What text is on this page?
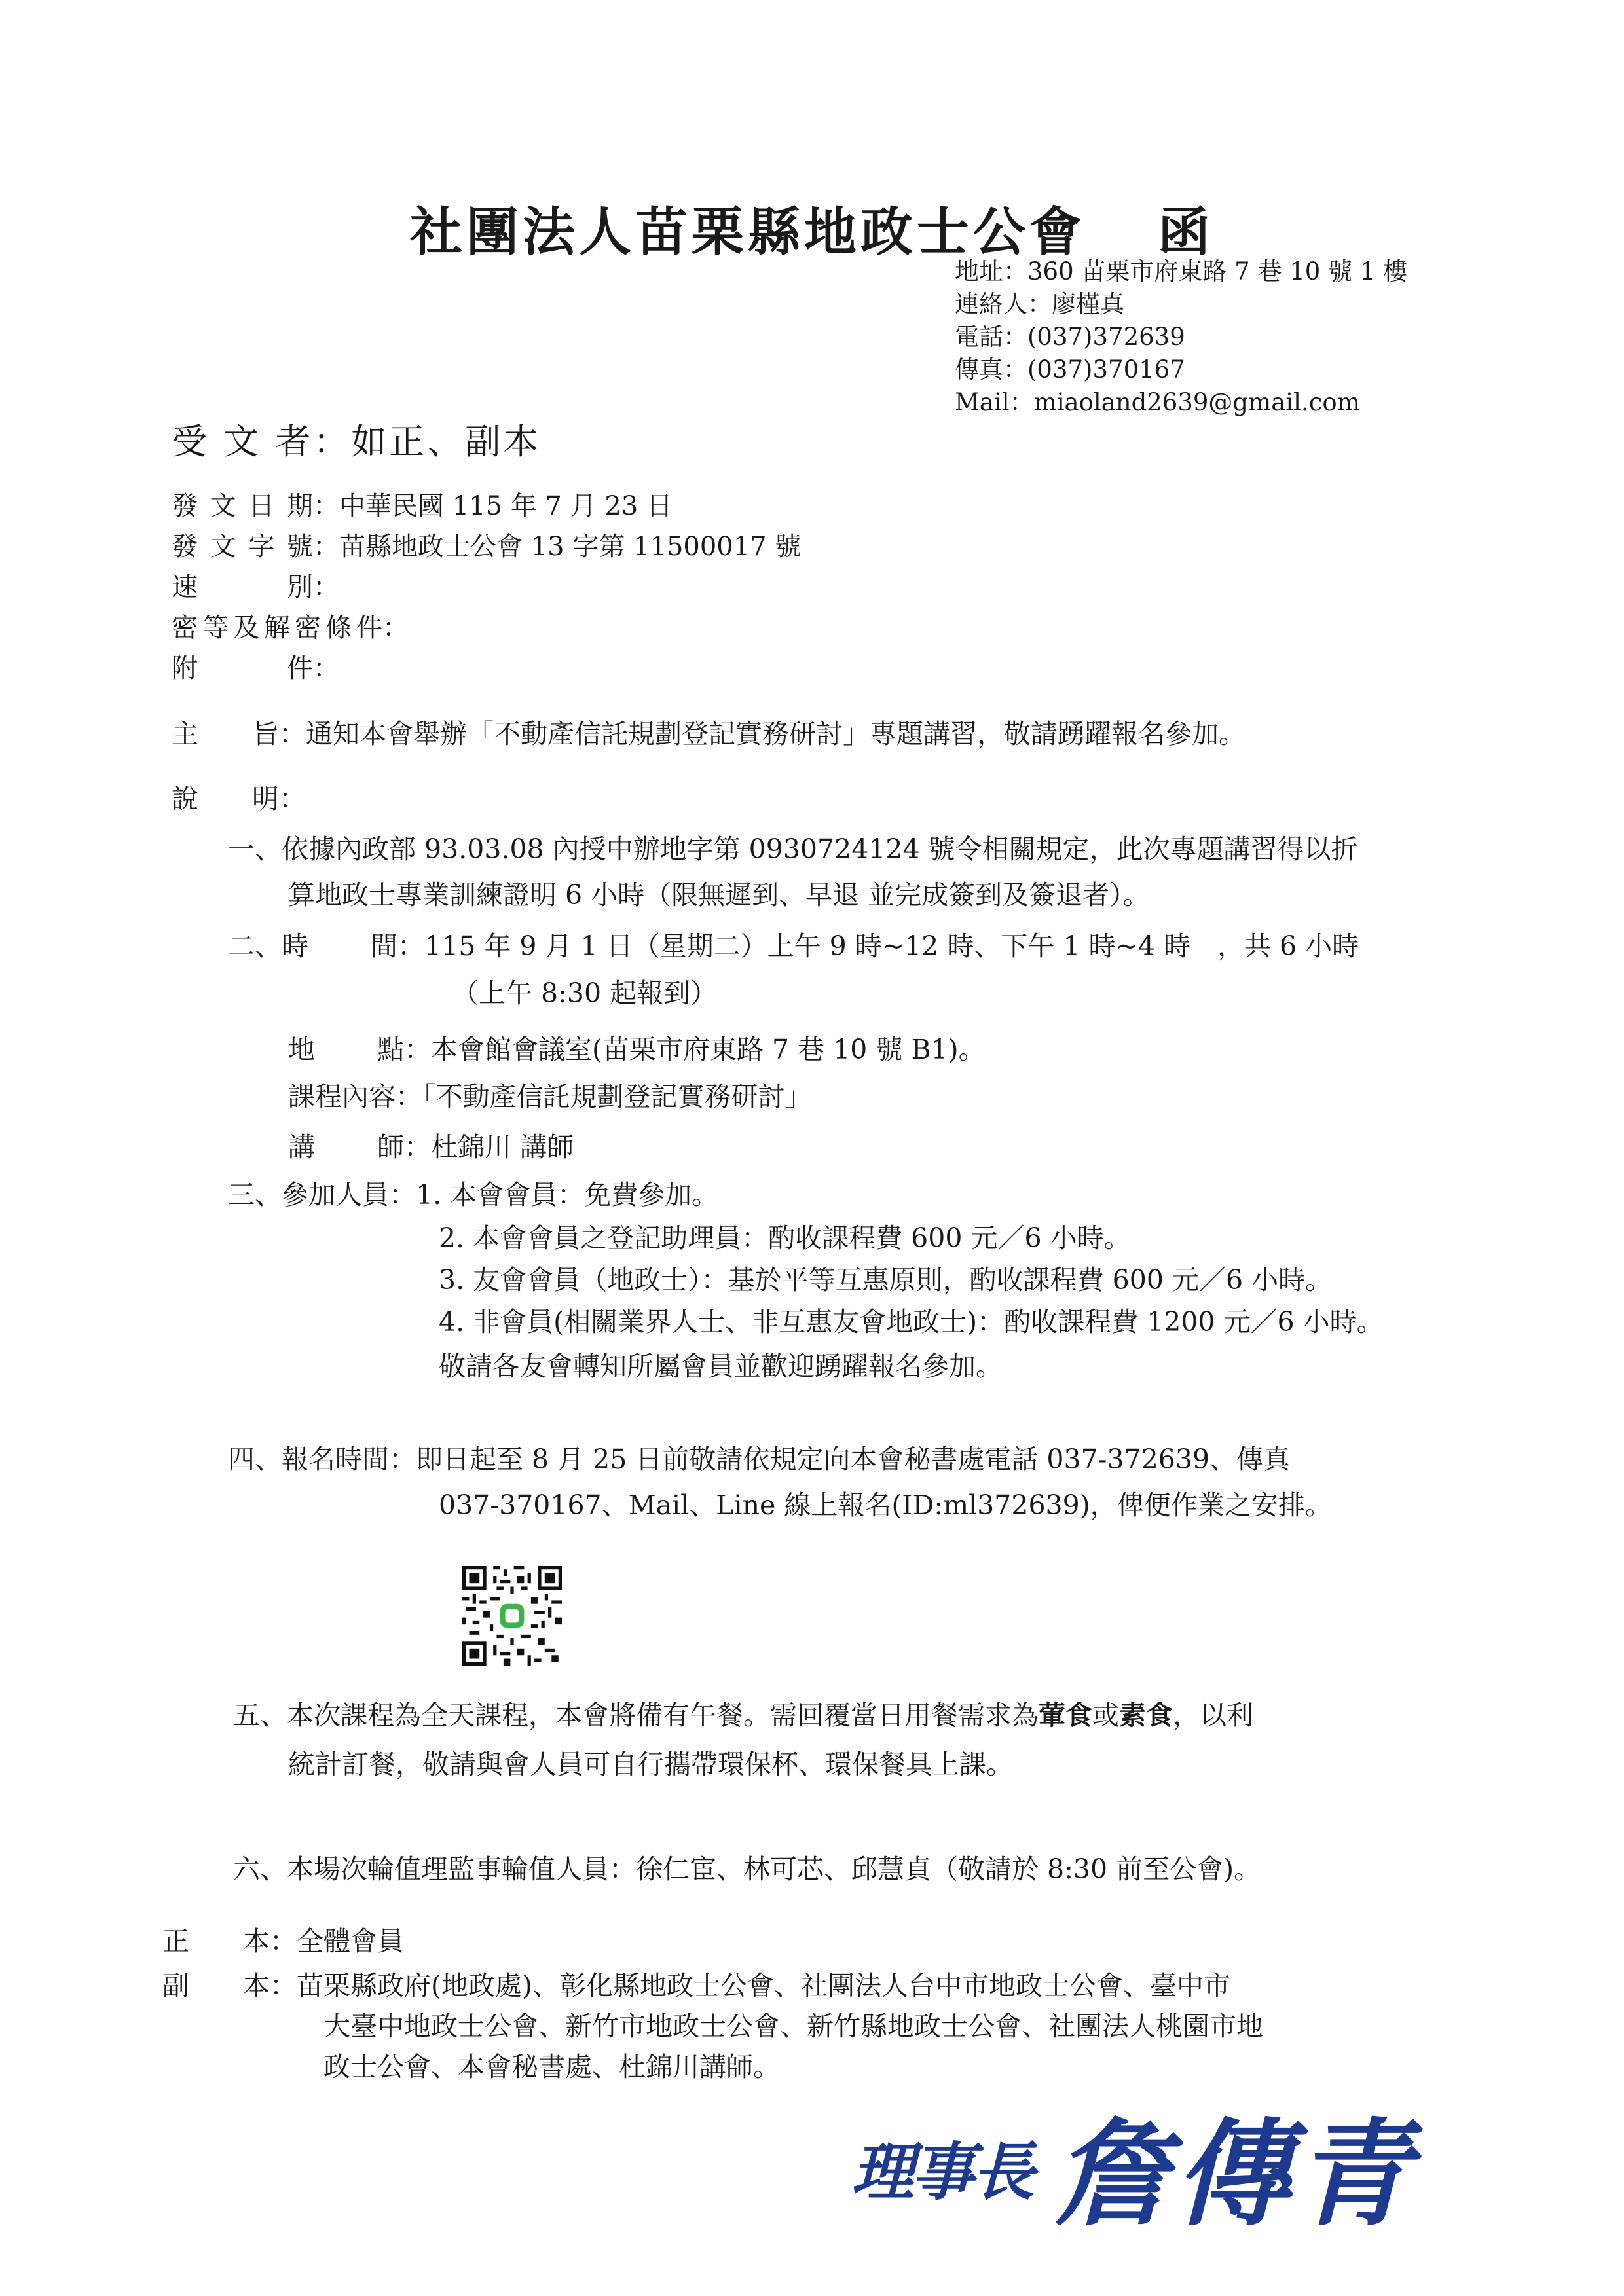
社團法人苗栗縣地政士公會 函
地址：360 苗栗市府東路 7 巷 10 號 1 樓
連絡人：廖槿真
電話：(037)372639
傳真：(037)370167
Mail：miaoland2639@gmail.com
受 文 者：如正、副本
發文日期 ：中華民國 115 年 7 月 23 日
發文字號 ：苗縣地政士公會 13 字第 11500017 號
速別 ：
密等及解密條件 ：
附件 ：
主　　旨：通知本會舉辦「不動產信託規劃登記實務研討」專題講習，敬請踴躍報名參加。
說　　明：
一、依據內政部 93.03.08 內授中辦地字第 0930724124 號令相關規定，此次專題講習得以折
算地政士專業訓練證明 6 小時（限無遲到、早退 並完成簽到及簽退者）。
二、時　　 間：115 年 9 月 1 日（星期二）上午 9 時~12 時、下午 1 時~4 時　，共 6 小時
（上午 8:30 起報到）
地　　 點：本會館會議室(苗栗市府東路 7 巷 10 號 B1)。
課程內容：「不動產信託規劃登記實務研討」
講　　 師：杜錦川 講師
三、參加人員：1. 本會會員：免費參加。
2. 本會會員之登記助理員：酌收課程費 600 元／6 小時。
3. 友會會員（地政士）：基於平等互惠原則，酌收課程費 600 元／6 小時。
4. 非會員(相關業界人士、非互惠友會地政士)：酌收課程費 1200 元／6 小時。
敬請各友會轉知所屬會員並歡迎踴躍報名參加。
四、報名時間：即日起至 8 月 25 日前敬請依規定向本會秘書處電話 037-372639、傳真
037-370167、Mail、Line 線上報名(ID:ml372639)，俾便作業之安排。
五、本次課程為全天課程，本會將備有午餐。需回覆當日用餐需求為葷食或素食，以利
統計訂餐，敬請與會人員可自行攜帶環保杯、環保餐具上課。
六、本場次輪值理監事輪值人員：徐仁宦、林可芯、邱慧貞（敬請於 8:30 前至公會)。
正　　本：全體會員
副　　本：苗栗縣政府(地政處)、彰化縣地政士公會、社團法人台中市地政士公會、臺中市
大臺中地政士公會、新竹市地政士公會、新竹縣地政士公會、社團法人桃園市地
政士公會、本會秘書處、杜錦川講師。
理事長 詹傳青
